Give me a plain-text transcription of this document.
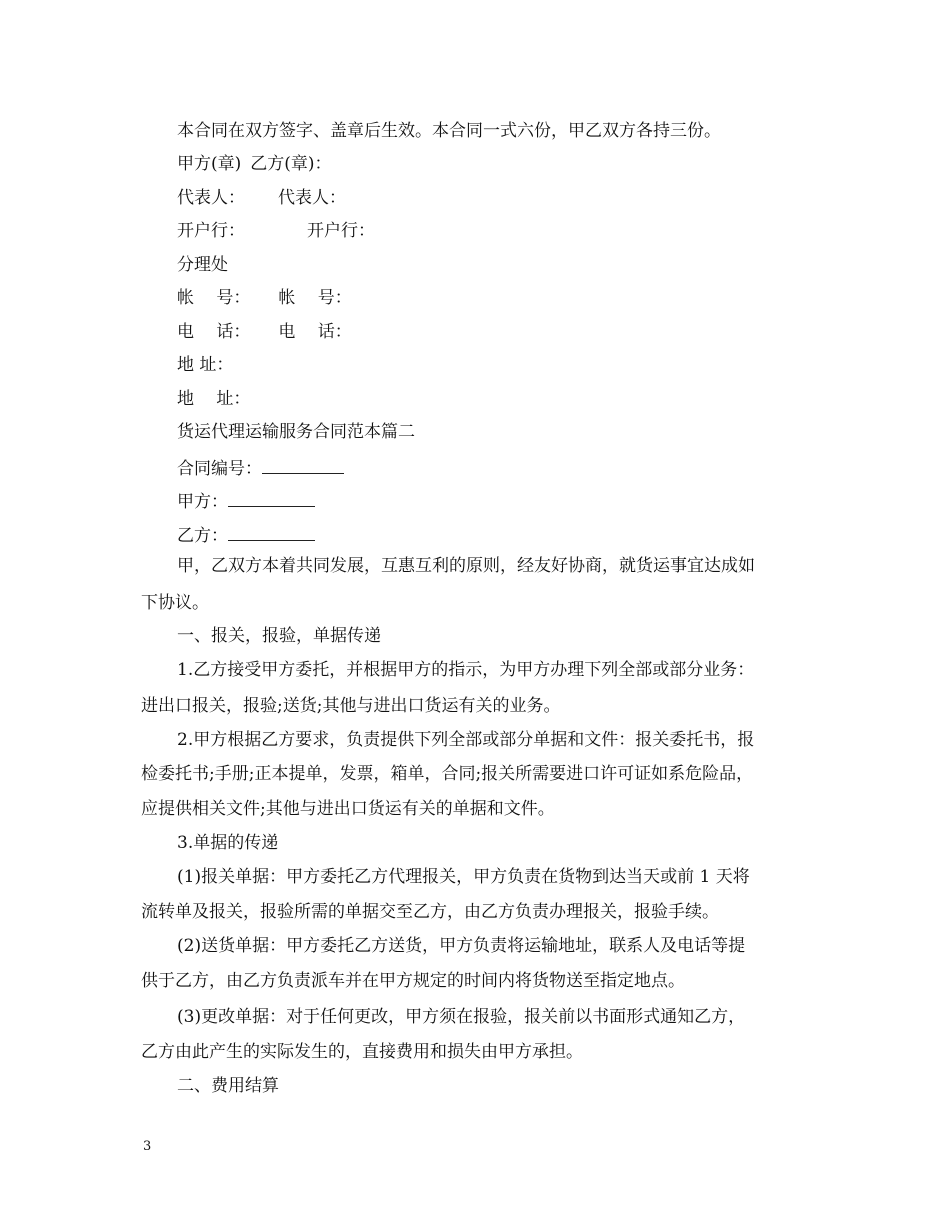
本合同在双方签字、盖章后生效。本合同一式六份，甲乙双方各持三份。
甲方(章) 乙方(章)：
代表人： 代表人：
开户行：	开户行：
分理处
帐　 号： 帐　 号：
电　 话： 电　 话：
地 址：
地　 址：
货运代理运输服务合同范本篇二
合同编号：
甲方：
乙方：
甲，乙双方本着共同发展，互惠互利的原则，经友好协商，就货运事宜达成如
下协议。
一、报关，报验，单据传递
1.乙方接受甲方委托，并根据甲方的指示，为甲方办理下列全部或部分业务：
进出口报关，报验;送货;其他与进出口货运有关的业务。
2.甲方根据乙方要求，负责提供下列全部或部分单据和文件：报关委托书，报
检委托书;手册;正本提单，发票，箱单，合同;报关所需要进口许可证如系危险品，
应提供相关文件;其他与进出口货运有关的单据和文件。
3.单据的传递
(1)报关单据：甲方委托乙方代理报关，甲方负责在货物到达当天或前 1 天将
流转单及报关，报验所需的单据交至乙方，由乙方负责办理报关，报验手续。
(2)送货单据：甲方委托乙方送货，甲方负责将运输地址，联系人及电话等提
供于乙方，由乙方负责派车并在甲方规定的时间内将货物送至指定地点。
(3)更改单据：对于任何更改，甲方须在报验，报关前以书面形式通知乙方，
乙方由此产生的实际发生的，直接费用和损失由甲方承担。
二、费用结算
3
